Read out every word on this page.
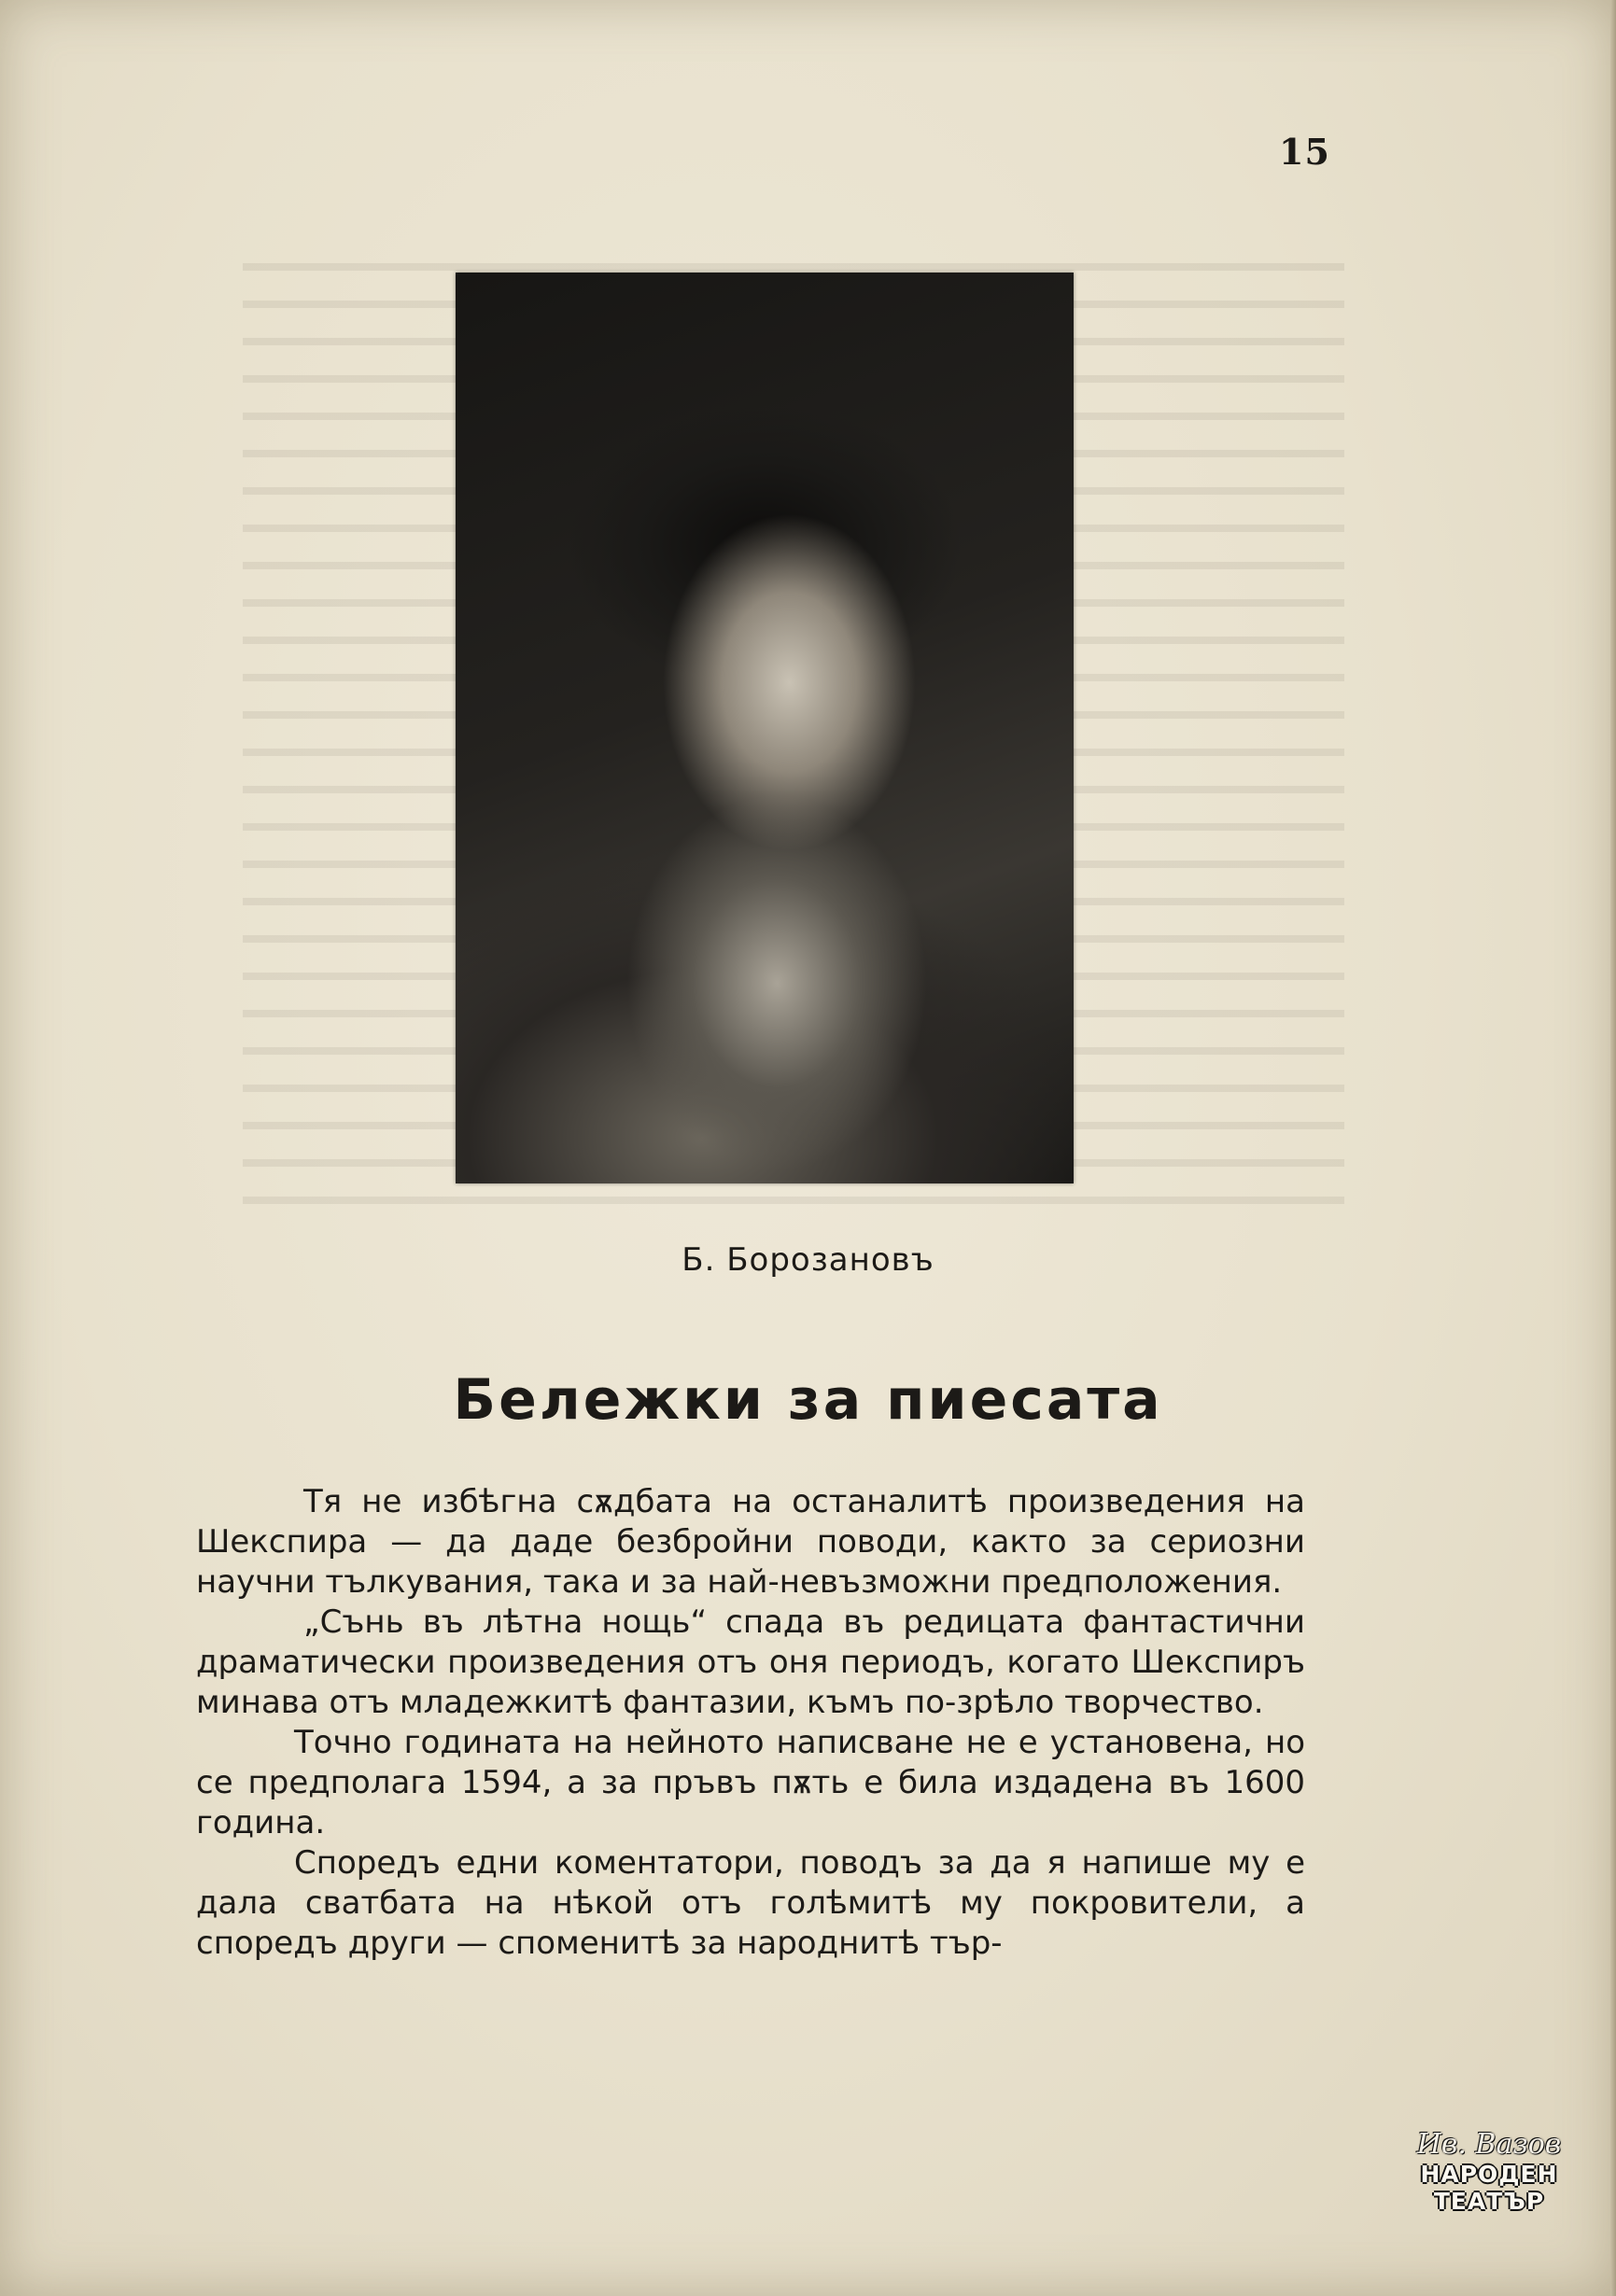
15
Б. Борозановъ
Бележки за пиесата

Тя не избѣгна сѫдбата на останалитѣ произведения на Шекспира — да даде безбройни поводи, както за сериозни научни тълкувания, така и за най-невъзможни предположения.

„Сънь въ лѣтна нощь“ спада въ редицата фантастични драматически произведения отъ оня периодъ, когато Шекспиръ минава отъ младежкитѣ фантазии, къмъ по-зрѣло творчество.

Точно годината на нейното написване не е установена, но се предполага 1594, а за пръвъ пѫть е била издадена въ 1600 година.

Споредъ едни коментатори, поводъ за да я напише му е дала сватбата на нѣкой отъ голѣмитѣ му покровители, а споредъ други — споменитѣ за народнитѣ тър-

Ив. Вазов
НАРОДЕН
ТЕАТЪР
